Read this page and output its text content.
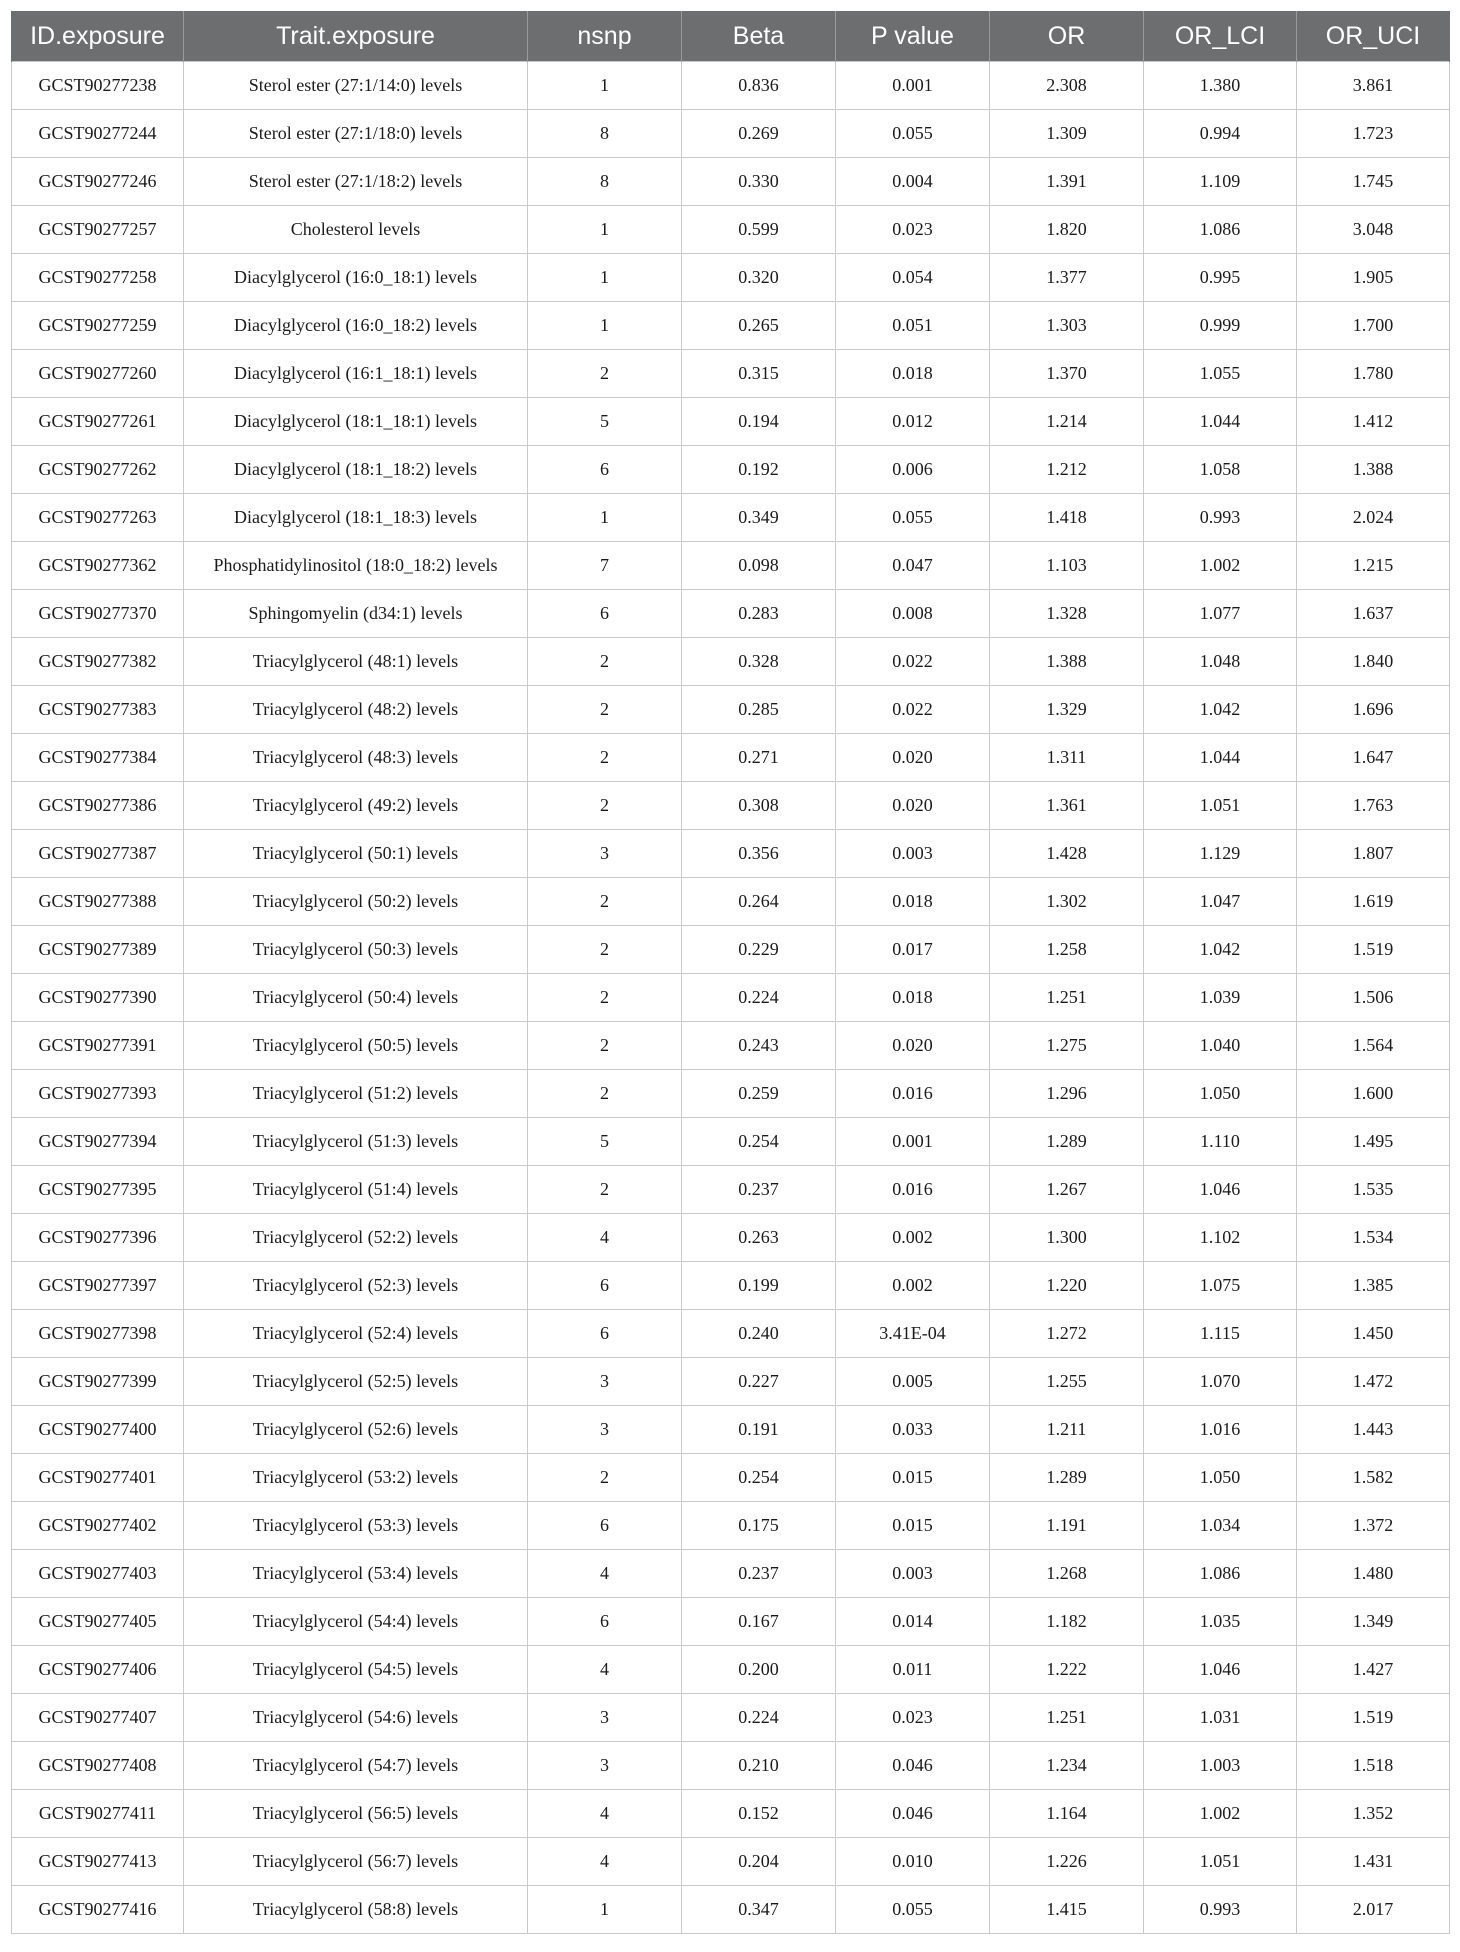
ID.exposure	Trait.exposure	nsnp	Beta	P value	OR	OR_LCI	OR_UCI
GCST90277238	Sterol ester (27:1/14:0) levels	1	0.836	0.001	2.308	1.380	3.861
GCST90277244	Sterol ester (27:1/18:0) levels	8	0.269	0.055	1.309	0.994	1.723
GCST90277246	Sterol ester (27:1/18:2) levels	8	0.330	0.004	1.391	1.109	1.745
GCST90277257	Cholesterol levels	1	0.599	0.023	1.820	1.086	3.048
GCST90277258	Diacylglycerol (16:0_18:1) levels	1	0.320	0.054	1.377	0.995	1.905
GCST90277259	Diacylglycerol (16:0_18:2) levels	1	0.265	0.051	1.303	0.999	1.700
GCST90277260	Diacylglycerol (16:1_18:1) levels	2	0.315	0.018	1.370	1.055	1.780
GCST90277261	Diacylglycerol (18:1_18:1) levels	5	0.194	0.012	1.214	1.044	1.412
GCST90277262	Diacylglycerol (18:1_18:2) levels	6	0.192	0.006	1.212	1.058	1.388
GCST90277263	Diacylglycerol (18:1_18:3) levels	1	0.349	0.055	1.418	0.993	2.024
GCST90277362	Phosphatidylinositol (18:0_18:2) levels	7	0.098	0.047	1.103	1.002	1.215
GCST90277370	Sphingomyelin (d34:1) levels	6	0.283	0.008	1.328	1.077	1.637
GCST90277382	Triacylglycerol (48:1) levels	2	0.328	0.022	1.388	1.048	1.840
GCST90277383	Triacylglycerol (48:2) levels	2	0.285	0.022	1.329	1.042	1.696
GCST90277384	Triacylglycerol (48:3) levels	2	0.271	0.020	1.311	1.044	1.647
GCST90277386	Triacylglycerol (49:2) levels	2	0.308	0.020	1.361	1.051	1.763
GCST90277387	Triacylglycerol (50:1) levels	3	0.356	0.003	1.428	1.129	1.807
GCST90277388	Triacylglycerol (50:2) levels	2	0.264	0.018	1.302	1.047	1.619
GCST90277389	Triacylglycerol (50:3) levels	2	0.229	0.017	1.258	1.042	1.519
GCST90277390	Triacylglycerol (50:4) levels	2	0.224	0.018	1.251	1.039	1.506
GCST90277391	Triacylglycerol (50:5) levels	2	0.243	0.020	1.275	1.040	1.564
GCST90277393	Triacylglycerol (51:2) levels	2	0.259	0.016	1.296	1.050	1.600
GCST90277394	Triacylglycerol (51:3) levels	5	0.254	0.001	1.289	1.110	1.495
GCST90277395	Triacylglycerol (51:4) levels	2	0.237	0.016	1.267	1.046	1.535
GCST90277396	Triacylglycerol (52:2) levels	4	0.263	0.002	1.300	1.102	1.534
GCST90277397	Triacylglycerol (52:3) levels	6	0.199	0.002	1.220	1.075	1.385
GCST90277398	Triacylglycerol (52:4) levels	6	0.240	3.41E-04	1.272	1.115	1.450
GCST90277399	Triacylglycerol (52:5) levels	3	0.227	0.005	1.255	1.070	1.472
GCST90277400	Triacylglycerol (52:6) levels	3	0.191	0.033	1.211	1.016	1.443
GCST90277401	Triacylglycerol (53:2) levels	2	0.254	0.015	1.289	1.050	1.582
GCST90277402	Triacylglycerol (53:3) levels	6	0.175	0.015	1.191	1.034	1.372
GCST90277403	Triacylglycerol (53:4) levels	4	0.237	0.003	1.268	1.086	1.480
GCST90277405	Triacylglycerol (54:4) levels	6	0.167	0.014	1.182	1.035	1.349
GCST90277406	Triacylglycerol (54:5) levels	4	0.200	0.011	1.222	1.046	1.427
GCST90277407	Triacylglycerol (54:6) levels	3	0.224	0.023	1.251	1.031	1.519
GCST90277408	Triacylglycerol (54:7) levels	3	0.210	0.046	1.234	1.003	1.518
GCST90277411	Triacylglycerol (56:5) levels	4	0.152	0.046	1.164	1.002	1.352
GCST90277413	Triacylglycerol (56:7) levels	4	0.204	0.010	1.226	1.051	1.431
GCST90277416	Triacylglycerol (58:8) levels	1	0.347	0.055	1.415	0.993	2.017
